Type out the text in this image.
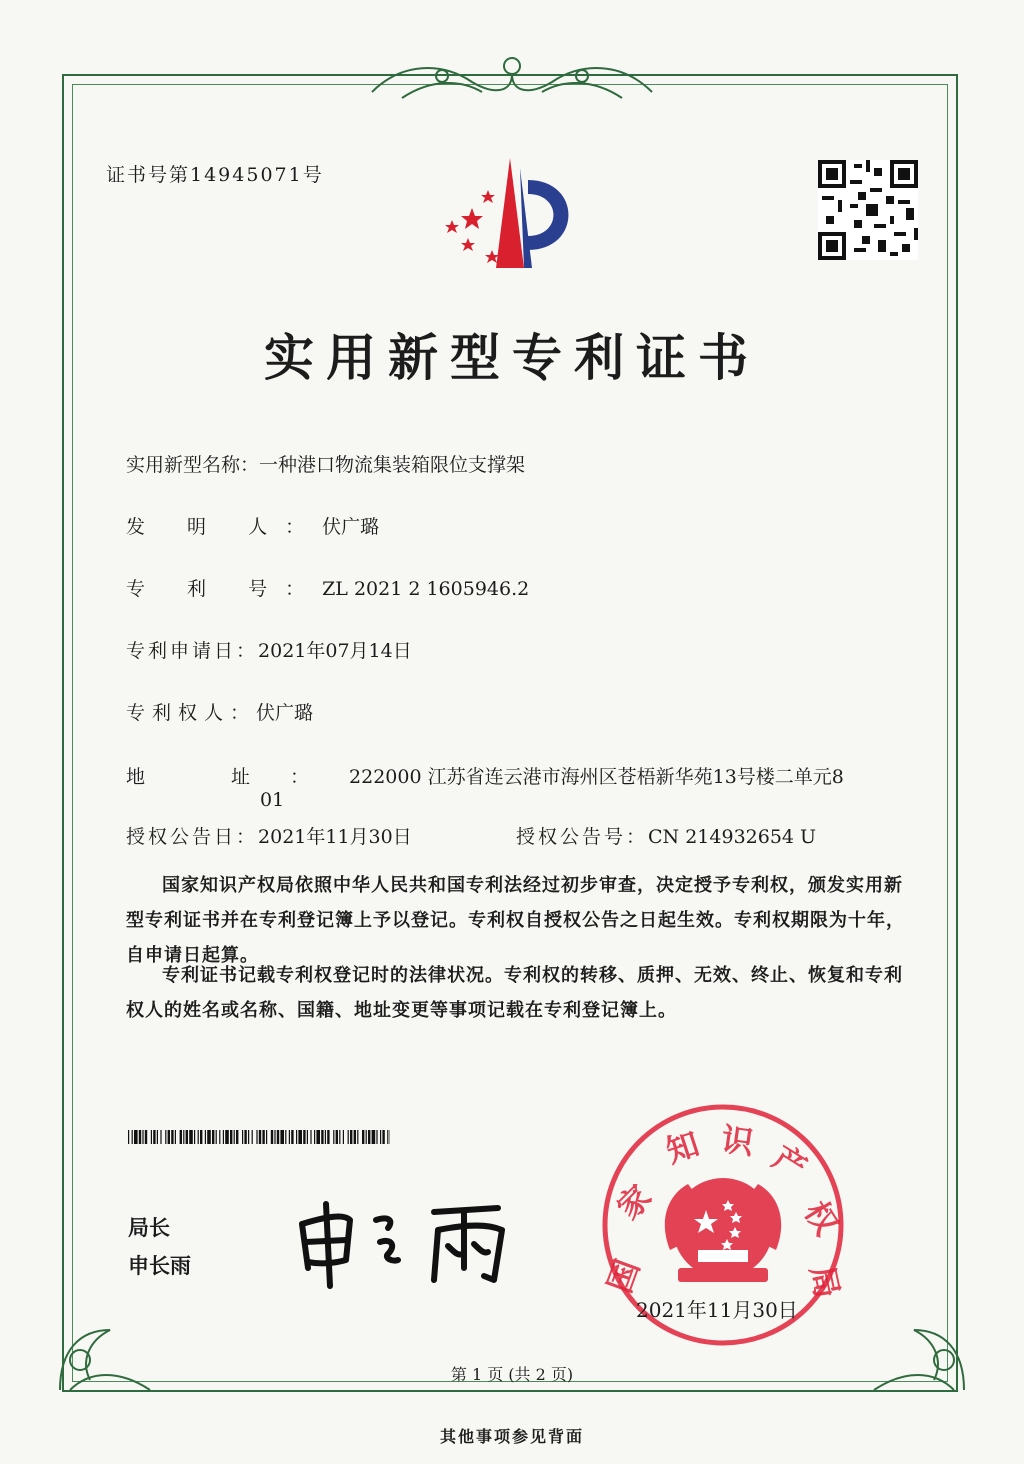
证书号第14945071号
实用新型专利证书
实用新型名称：一种港口物流集装箱限位支撑架
发 明 人：伏广璐
专 利 号：ZL 2021 2 1605946.2
专利申请日：2021年07月14日
专利权人：伏广璐
地 址：222000 江苏省连云港市海州区苍梧新华苑13号楼二单元8
01
授权公告日：2021年11月30日	授权公告号：CN 214932654 U
国家知识产权局依照中华人民共和国专利法经过初步审查，决定授予专利权，颁发实用新型专利证书并在专利登记簿上予以登记。专利权自授权公告之日起生效。专利权期限为十年，自申请日起算。
专利证书记载专利权登记时的法律状况。专利权的转移、质押、无效、终止、恢复和专利权人的姓名或名称、国籍、地址变更等事项记载在专利登记簿上。
局长
申长雨	国
家
知 识 产
权
局
2021年11月30日
第 1 页 (共 2 页)
其他事项参见背面
